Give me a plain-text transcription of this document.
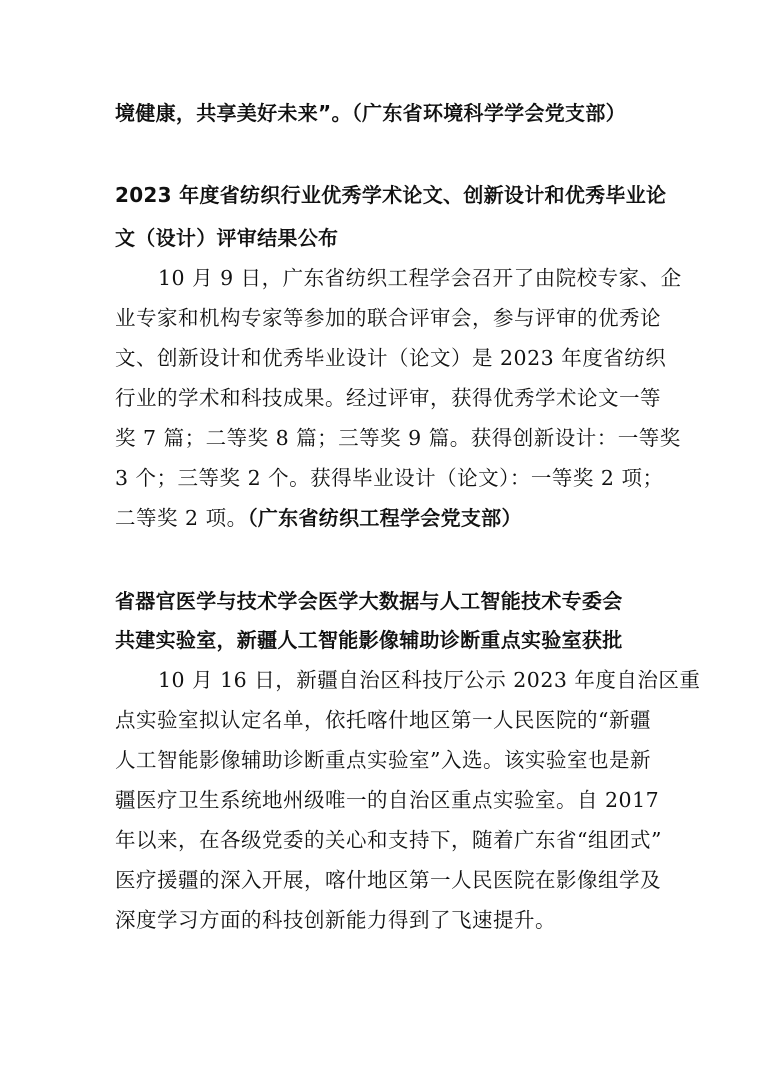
境健康，共享美好未来”。（广东省环境科学学会党支部）
2023 年度省纺织行业优秀学术论文、创新设计和优秀毕业论
文（设计）评审结果公布
10 月 9 日，广东省纺织工程学会召开了由院校专家、企
业专家和机构专家等参加的联合评审会，参与评审的优秀论
文、创新设计和优秀毕业设计（论文）是 2023 年度省纺织
行业的学术和科技成果。经过评审，获得优秀学术论文一等
奖 7 篇；二等奖 8 篇；三等奖 9 篇。获得创新设计：一等奖
3 个；三等奖 2 个。获得毕业设计（论文）：一等奖 2 项；
二等奖 2 项。（广东省纺织工程学会党支部）
省器官医学与技术学会医学大数据与人工智能技术专委会
共建实验室，新疆人工智能影像辅助诊断重点实验室获批
10 月 16 日，新疆自治区科技厅公示 2023 年度自治区重
点实验室拟认定名单，依托喀什地区第一人民医院的“新疆
人工智能影像辅助诊断重点实验室”入选。该实验室也是新
疆医疗卫生系统地州级唯一的自治区重点实验室。自 2017
年以来，在各级党委的关心和支持下，随着广东省“组团式”
医疗援疆的深入开展，喀什地区第一人民医院在影像组学及
深度学习方面的科技创新能力得到了飞速提升。
